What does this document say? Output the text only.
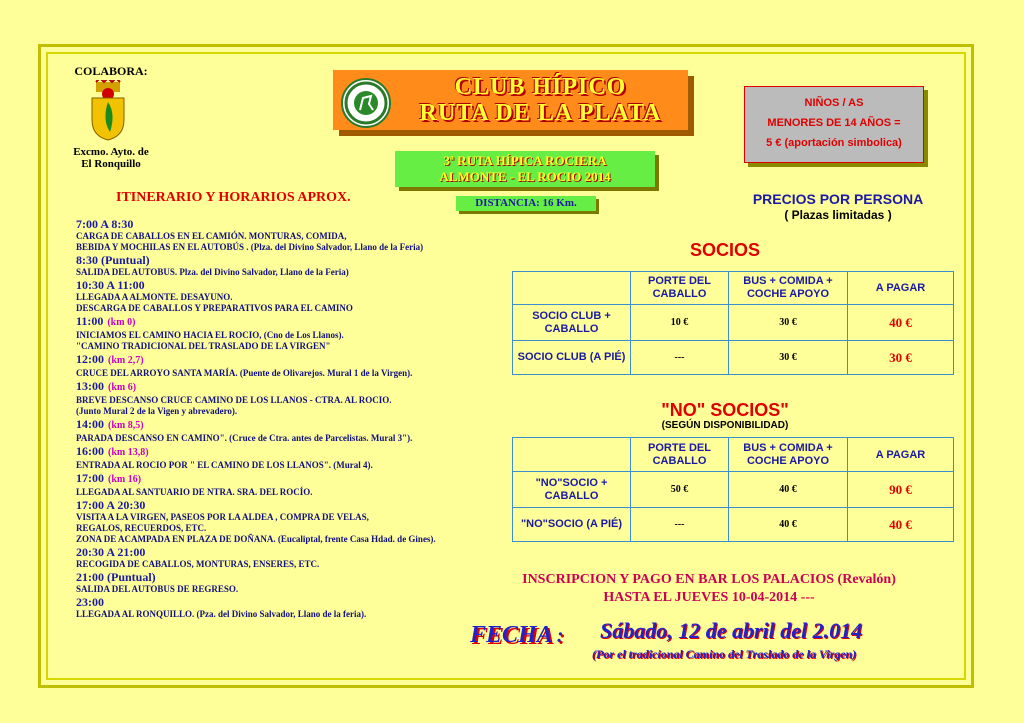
COLABORA:
Excmo. Ayto. de
El Ronquillo
CLUB HÍPICO
RUTA DE LA PLATA
3ª RUTA HÍPICA ROCIERA
ALMONTE - EL ROCIO 2014
DISTANCIA: 16 Km.
NIÑOS / AS
MENORES DE 14 AÑOS =
5 € (aportación simbolica)
ITINERARIO Y HORARIOS APROX.
7:00 A 8:30
CARGA DE CABALLOS EN EL CAMIÓN. MONTURAS, COMIDA,
BEBIDA Y MOCHILAS EN EL AUTOBÚS . (Plza. del Divino Salvador, Llano de la Feria)
8:30 (Puntual)
SALIDA DEL AUTOBUS. Plza. del Divino Salvador, Llano de la Feria)
10:30 A 11:00
LLEGADA A ALMONTE. DESAYUNO.
DESCARGA DE CABALLOS Y PREPARATIVOS PARA EL CAMINO
11:00 (km 0)
INICIAMOS EL CAMINO HACIA EL ROCIO, (Cno de Los Llanos).
"CAMINO TRADICIONAL DEL TRASLADO DE LA VIRGEN"
12:00 (km 2,7)
CRUCE DEL ARROYO SANTA MARÍA. (Puente de Olivarejos. Mural 1 de la Virgen).
13:00 (km 6)
BREVE DESCANSO CRUCE CAMINO DE LOS LLANOS - CTRA. AL ROCIO.
(Junto Mural 2 de la Vigen y abrevadero).
14:00 (km 8,5)
PARADA DESCANSO EN CAMINO". (Cruce de Ctra. antes de Parcelistas. Mural 3").
16:00 (km 13,8)
ENTRADA AL ROCIO POR " EL CAMINO DE LOS LLANOS". (Mural 4).
17:00 (km 16)
LLEGADA AL SANTUARIO DE NTRA. SRA. DEL ROCÍO.
17:00 A 20:30
VISITA A LA VIRGEN, PASEOS POR LA ALDEA , COMPRA DE VELAS,
REGALOS, RECUERDOS, ETC.
ZONA DE ACAMPADA EN PLAZA DE DOÑANA. (Eucaliptal, frente Casa Hdad. de Gines).
20:30 A 21:00
RECOGIDA DE CABALLOS, MONTURAS, ENSERES, ETC.
21:00 (Puntual)
SALIDA DEL AUTOBUS DE REGRESO.
23:00
LLEGADA AL RONQUILLO. (Pza. del Divino Salvador, Llano de la feria).
PRECIOS POR PERSONA
( Plazas limitadas )
SOCIOS
	PORTE DEL CABALLO	BUS + COMIDA + COCHE APOYO	A PAGAR
SOCIO CLUB + CABALLO	10 €	30 €	40 €
SOCIO CLUB (A PIÉ)	---	30 €	30 €
"NO" SOCIOS"
(SEGÚN DISPONIBILIDAD)
	PORTE DEL CABALLO	BUS + COMIDA + COCHE APOYO	A PAGAR
"NO"SOCIO + CABALLO	50 €	40 €	90 €
"NO"SOCIO (A PIÉ)	---	40 €	40 €
INSCRIPCION Y PAGO EN BAR LOS PALACIOS (Revalón)
HASTA EL JUEVES 10-04-2014 ---
FECHA : Sábado, 12 de abril del 2.014
(Por el tradicional Camino del Traslado de la Virgen)
